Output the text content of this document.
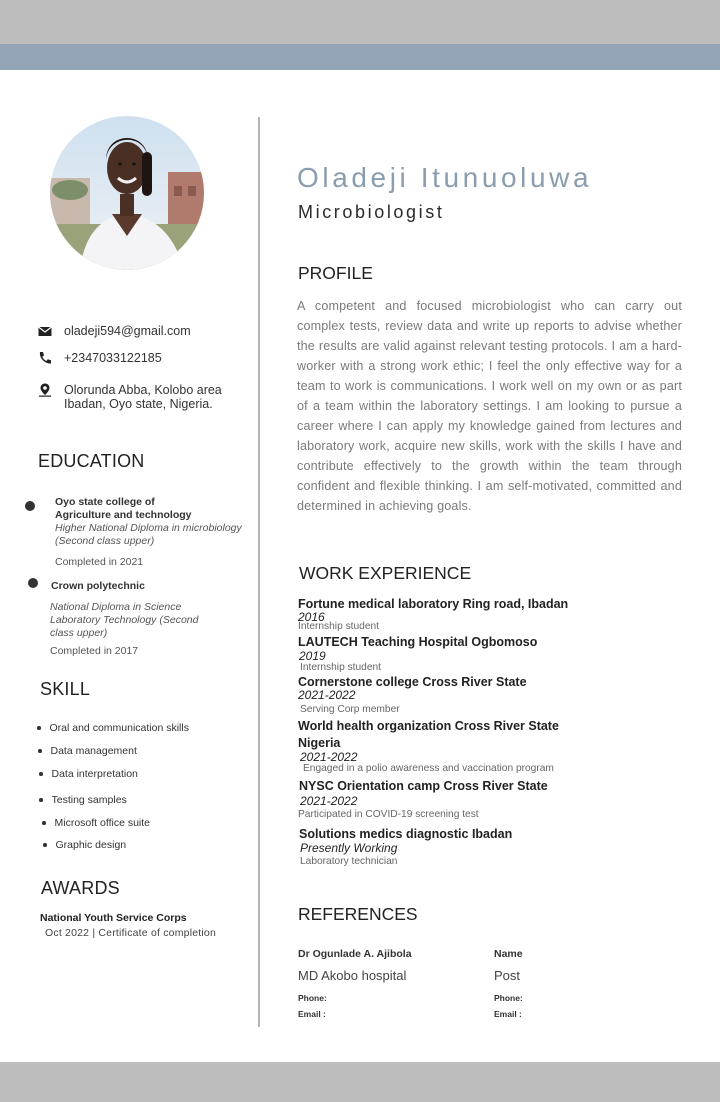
oladeji594@gmail.com
+2347033122185
Olorunda Abba, Kolobo area
Ibadan, Oyo state, Nigeria.
EDUCATION
Oyo state college of
Agriculture and technology
Higher National Diploma in microbiology (Second class upper)
Completed in 2021
Crown polytechnic
National Diploma in Science Laboratory Technology (Second class upper)
Completed in 2017
SKILL
Oral and communication skills
Data management
Data interpretation
Testing samples
Microsoft office suite
Graphic design
AWARDS
National Youth Service Corps
Oct 2022 | Certificate of completion
Oladeji Itunuoluwa
Microbiologist
PROFILE
A competent and focused microbiologist who can carry out complex tests, review data and write up reports to advise whether the results are valid against relevant testing protocols. I am a hard-worker with a strong work ethic; I feel the only effective way for a team to work is communications. I work well on my own or as part of a team within the laboratory settings. I am looking to pursue a career where I can apply my knowledge gained from lectures and laboratory work, acquire new skills, work with the skills I have and contribute effectively to the growth within the team through confident and flexible thinking. I am self-motivated, committed and determined in achieving goals.
WORK EXPERIENCE
Fortune medical laboratory Ring road, Ibadan
2016
Internship student
LAUTECH Teaching Hospital Ogbomoso
2019
Internship student
Cornerstone college Cross River State
2021-2022
Serving Corp member
World health organization Cross River State
Nigeria
2021-2022
Engaged in a polio awareness and vaccination program
NYSC Orientation camp Cross River State
2021-2022
Participated in COVID-19 screening test
Solutions medics diagnostic Ibadan
Presently Working
Laboratory technician
REFERENCES
Dr Ogunlade A. Ajibola
MD Akobo hospital
Phone:
Email :
Name
Post
Phone:
Email :
